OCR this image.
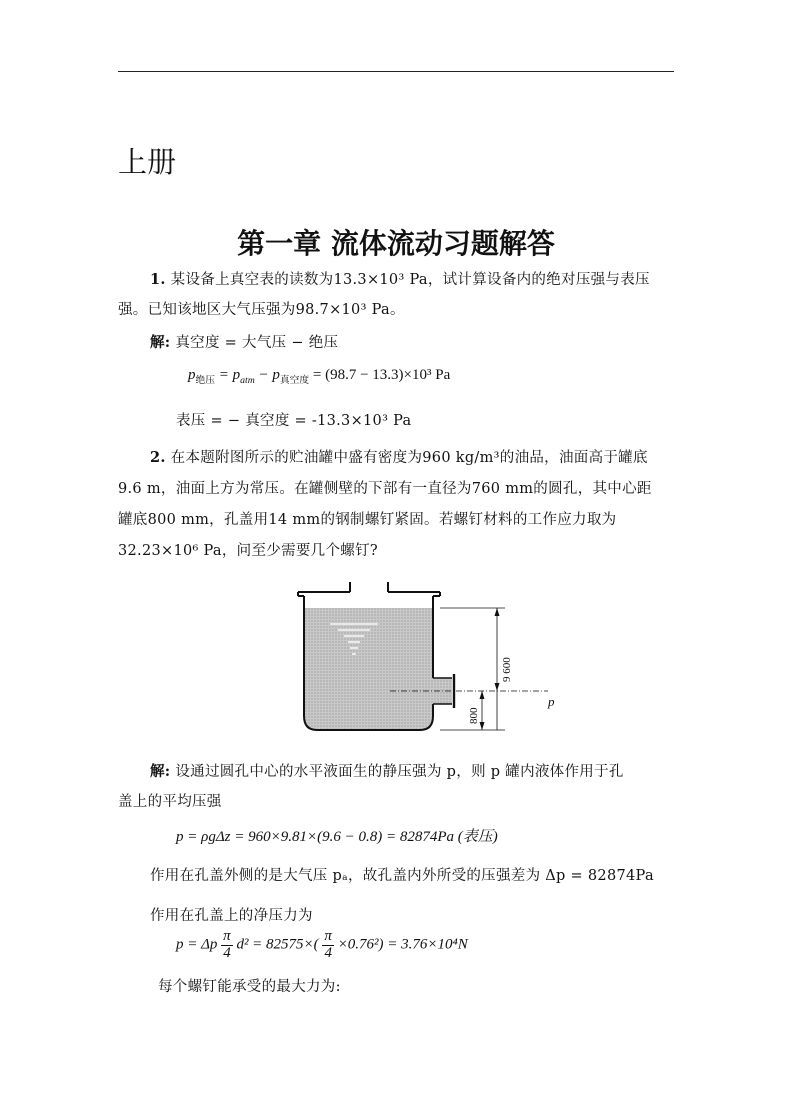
上册
第一章 流体流动习题解答
1. 某设备上真空表的读数为13.3×10³ Pa，试计算设备内的绝对压强与表压
强。已知该地区大气压强为98.7×10³ Pa。
解: 真空度 = 大气压 − 绝压
$p_{绝压} = p_{atm} - p_{真空度} = (98.7 - 13.3)\times 10^3$ Pa
表压 = − 真空度 = -13.3×10³ Pa
2. 在本题附图所示的贮油罐中盛有密度为960 kg/m³的油品，油面高于罐底
9.6 m，油面上方为常压。在罐侧壁的下部有一直径为760 mm的圆孔，其中心距
罐底800 mm，孔盖用14 mm的钢制螺钉紧固。若螺钉材料的工作应力取为
32.23×10⁶ Pa，问至少需要几个螺钉?
9 600
800
p
解: 设通过圆孔中心的水平液面生的静压强为 p，则 p 罐内液体作用于孔
盖上的平均压强
p = ρgΔz = 960×9.81×(9.6 − 0.8) = 82874Pa (表压)
作用在孔盖外侧的是大气压 pₐ，故孔盖内外所受的压强差为 Δp = 82874Pa
作用在孔盖上的净压力为
p = Δp $\frac{\pi}{4} d^2 = 82575\times( \frac{\pi}{4} \times 0.76^2) = 3.76\times 10^4N$
每个螺钉能承受的最大力为:
